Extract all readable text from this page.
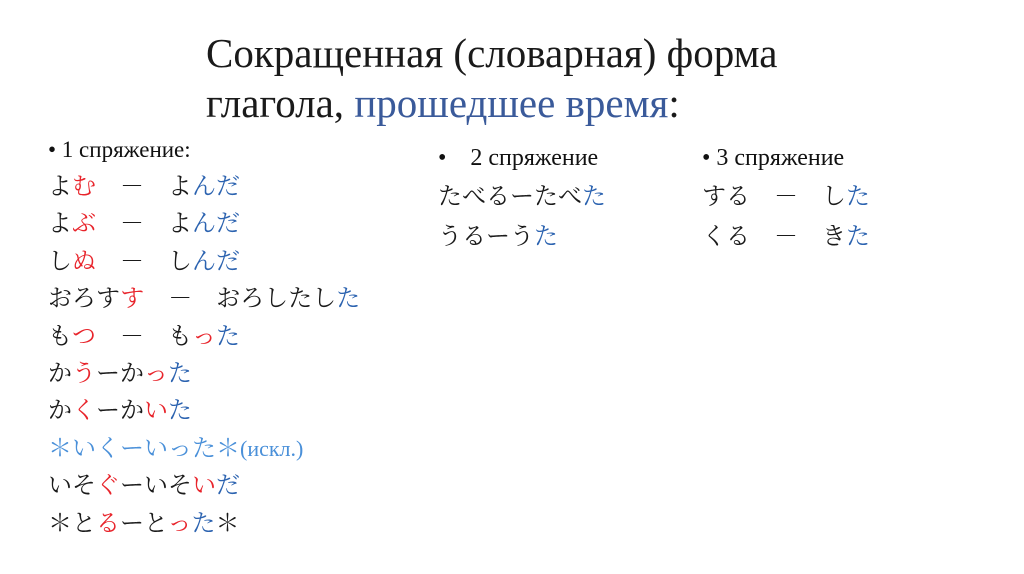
Сокращенная (словарная) форма
глагола, прошедшее время:
• 1 спряжение:
よむ　－　よんだ
よぶ　－　よんだ
しぬ　－　しんだ
おろすす　－　おろしたした
もつ　－　もった
かうーかった
かくーかいた
＊いくーいった＊(искл.)
いそぐーいそいだ
＊とるーとった＊
•　2 спряжение
たべるーたべた
うるーうた
• 3 спряжение
する　－　した
くる　－　きた
